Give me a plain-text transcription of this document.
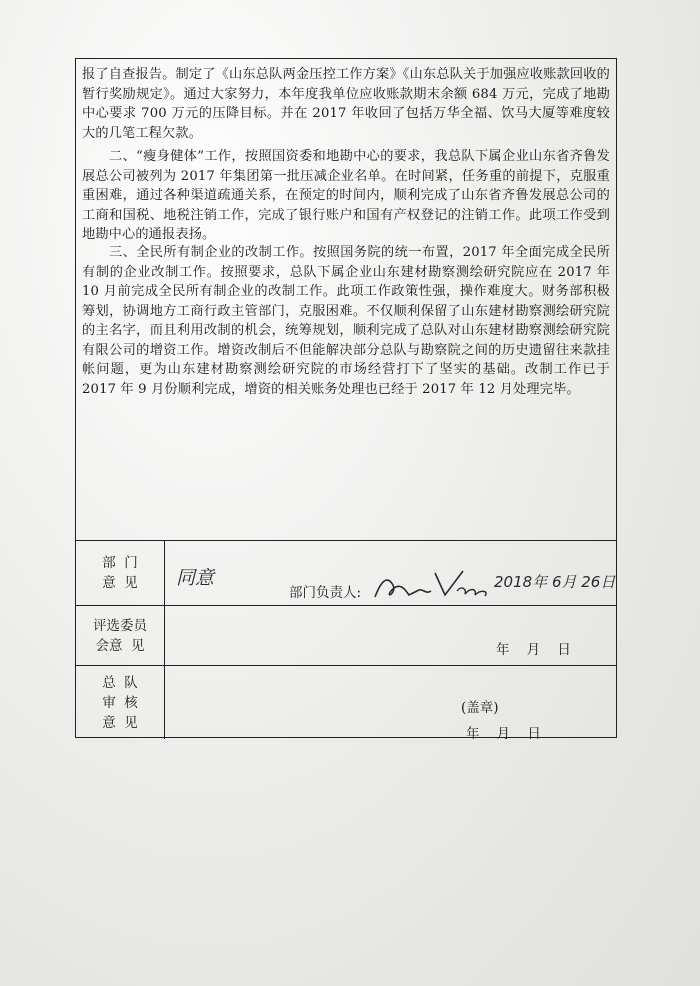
报了自查报告。制定了《山东总队两金压控工作方案》《山东总队关于加强应收账款回收的暂行奖励规定》。通过大家努力，本年度我单位应收账款期末余额 684 万元，完成了地勘中心要求 700 万元的压降目标。并在 2017 年收回了包括万华全福、饮马大厦等难度较大的几笔工程欠款。

二、“瘦身健体”工作，按照国资委和地勘中心的要求，我总队下属企业山东省齐鲁发展总公司被列为 2017 年集团第一批压减企业名单。在时间紧，任务重的前提下，克服重重困难，通过各种渠道疏通关系，在预定的时间内，顺利完成了山东省齐鲁发展总公司的工商和国税、地税注销工作，完成了银行账户和国有产权登记的注销工作。此项工作受到地勘中心的通报表扬。

三、全民所有制企业的改制工作。按照国务院的统一布置，2017 年全面完成全民所有制的企业改制工作。按照要求，总队下属企业山东建材勘察测绘研究院应在 2017 年 10 月前完成全民所有制企业的改制工作。此项工作政策性强，操作难度大。财务部积极筹划，协调地方工商行政主管部门，克服困难。不仅顺利保留了山东建材勘察测绘研究院的主名字，而且利用改制的机会，统筹规划，顺利完成了总队对山东建材勘察测绘研究院有限公司的增资工作。增资改制后不但能解决部分总队与勘察院之间的历史遗留往来款挂帐问题，更为山东建材勘察测绘研究院的市场经营打下了坚实的基础。改制工作已于 2017 年 9 月份顺利完成，增资的相关账务处理也已经于 2017 年 12 月处理完毕。

部  门
意  见 同意
部门负责人:
2018年 6月 26日
评选委员
会意  见	年    月    日
总  队
审  核
意  见
(盖章)
年    月    日
